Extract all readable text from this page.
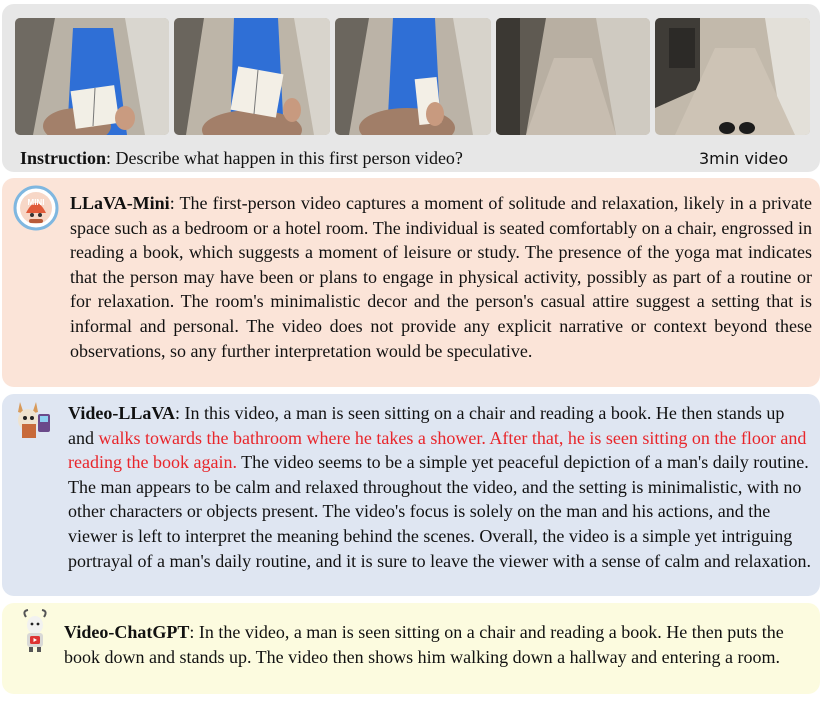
Instruction: Describe what happen in this first person video?	3min video
MINI LLaVA-Mini: The first-person video captures a moment of solitude and relaxation, likely in a private space such as a bedroom or a hotel room. The individual is seated comfortably on a chair, engrossed in reading a book, which suggests a moment of leisure or study. The presence of the yoga mat indicates that the person may have been or plans to engage in physical activity, possibly as part of a routine or for relaxation. The room's minimalistic decor and the person's casual attire suggest a setting that is informal and personal. The video does not provide any explicit narrative or context beyond these observations, so any further interpretation would be speculative.
Video-LLaVA: In this video, a man is seen sitting on a chair and reading a book. He then stands up and walks towards the bathroom where he takes a shower. After that, he is seen sitting on the floor and reading the book again. The video seems to be a simple yet peaceful depiction of a man's daily routine. The man appears to be calm and relaxed throughout the video, and the setting is minimalistic, with no other characters or objects present. The video's focus is solely on the man and his actions, and the viewer is left to interpret the meaning behind the scenes. Overall, the video is a simple yet intriguing portrayal of a man's daily routine, and it is sure to leave the viewer with a sense of calm and relaxation.
Video-ChatGPT: In the video, a man is seen sitting on a chair and reading a book. He then puts the book down and stands up. The video then shows him walking down a hallway and entering a room.
